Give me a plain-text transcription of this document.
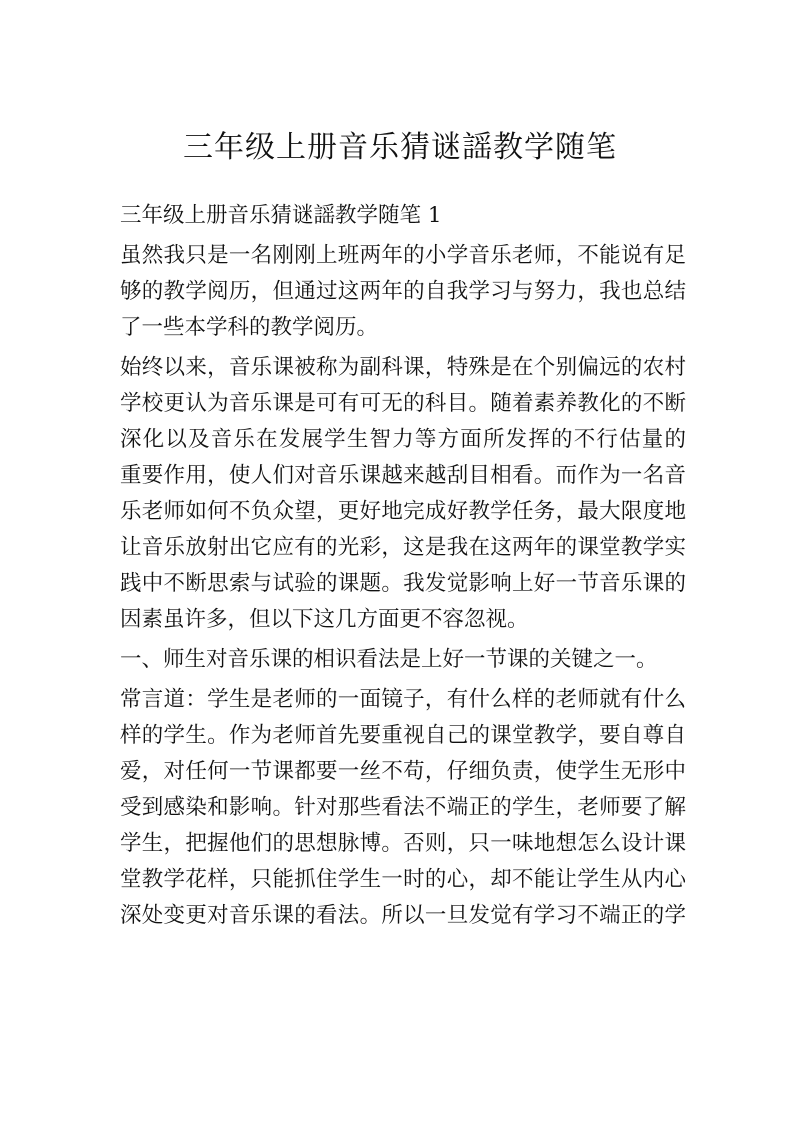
三年级上册音乐猜谜謡教学随笔
三年级上册音乐猜谜謡教学随笔 1
虽然我只是一名刚刚上班两年的小学音乐老师，不能说有足
够的教学阅历，但通过这两年的自我学习与努力，我也总结
了一些本学科的教学阅历。
始终以来，音乐课被称为副科课，特殊是在个别偏远的农村
学校更认为音乐课是可有可无的科目。随着素养教化的不断
深化以及音乐在发展学生智力等方面所发挥的不行估量的
重要作用，使人们对音乐课越来越刮目相看。而作为一名音
乐老师如何不负众望，更好地完成好教学任务，最大限度地
让音乐放射出它应有的光彩，这是我在这两年的课堂教学实
践中不断思索与试验的课题。我发觉影响上好一节音乐课的
因素虽许多，但以下这几方面更不容忽视。
一、师生对音乐课的相识看法是上好一节课的关键之一。
常言道：学生是老师的一面镜子，有什么样的老师就有什么
样的学生。作为老师首先要重视自己的课堂教学，要自尊自
爱，对任何一节课都要一丝不苟，仔细负责，使学生无形中
受到感染和影响。针对那些看法不端正的学生，老师要了解
学生，把握他们的思想脉博。否则，只一味地想怎么设计课
堂教学花样，只能抓住学生一时的心，却不能让学生从内心
深处变更对音乐课的看法。所以一旦发觉有学习不端正的学
